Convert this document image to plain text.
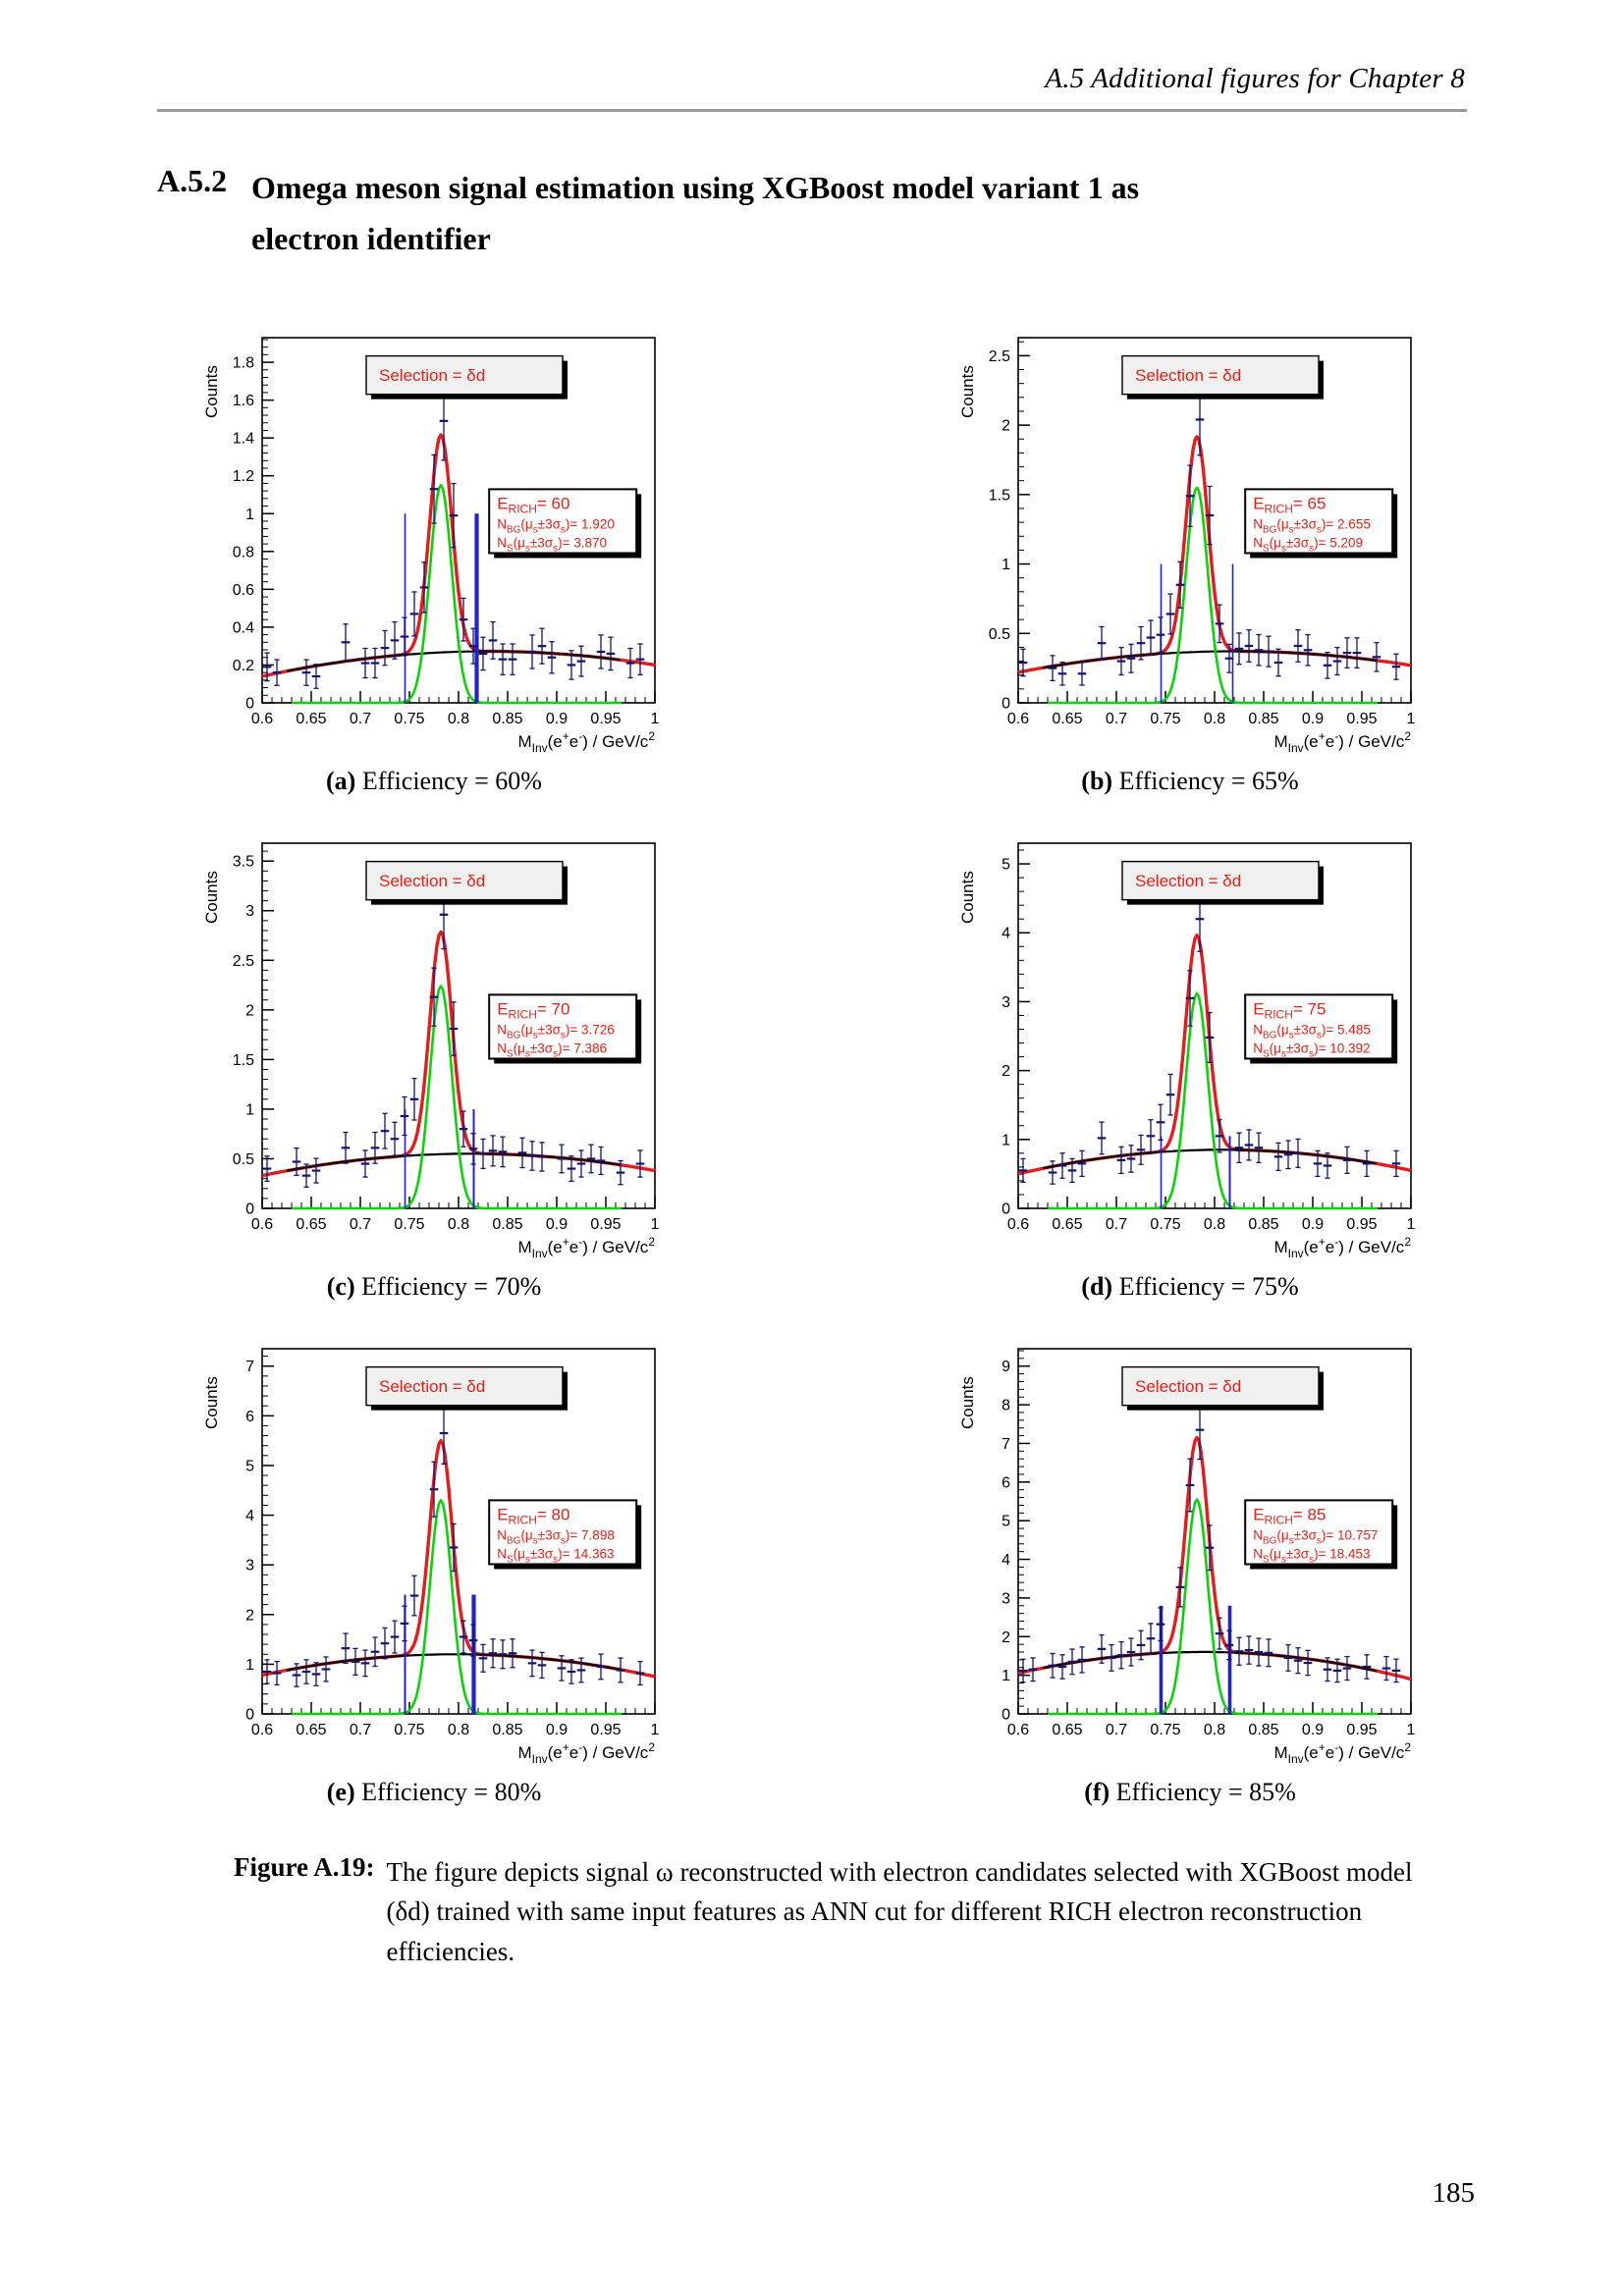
A.5 Additional figures for Chapter 8
A.5.2 Omega meson signal estimation using XGBoost model variant 1 as
electron identifier
0.6 0.65 0.7 0.75 0.8 0.85 0.9 0.95 1
$M_{Inv}(e^+e^-) / GeV/c^2$
0
0.2
0.4
0.6
0.8
1
1.2
1.4
1.6
1.8
Counts	Selection = δd
$E_{RICH}= 60$
$N_{BG}(\mu_s\pm 3\sigma_s)= 1.920$
$N_S(\mu_s\pm 3\sigma_s)= 3.870$
(a) Efficiency = 60%
0.6 0.65 0.7 0.75 0.8 0.85 0.9 0.95 1
$M_{Inv}(e^+e^-) / GeV/c^2$
0
0.5
1
1.5
2
2.5
Counts	Selection = δd
$E_{RICH}= 65$
$N_{BG}(\mu_s\pm 3\sigma_s)= 2.655$
$N_S(\mu_s\pm 3\sigma_s)= 5.209$
(b) Efficiency = 65%
0.6 0.65 0.7 0.75 0.8 0.85 0.9 0.95 1
$M_{Inv}(e^+e^-) / GeV/c^2$
0
0.5
1
1.5
2
2.5
3
3.5
Counts	Selection = δd
$E_{RICH}= 70$
$N_{BG}(\mu_s\pm 3\sigma_s)= 3.726$
$N_S(\mu_s\pm 3\sigma_s)= 7.386$
(c) Efficiency = 70%
0.6 0.65 0.7 0.75 0.8 0.85 0.9 0.95 1
$M_{Inv}(e^+e^-) / GeV/c^2$
0
1
2
3
4
5
Counts	Selection = δd
$E_{RICH}= 75$
$N_{BG}(\mu_s\pm 3\sigma_s)= 5.485$
$N_S(\mu_s\pm 3\sigma_s)= 10.392$
(d) Efficiency = 75%
0.6 0.65 0.7 0.75 0.8 0.85 0.9 0.95 1
$M_{Inv}(e^+e^-) / GeV/c^2$
0
1
2
3
4
5
6
7
Counts	Selection = δd
$E_{RICH}= 80$
$N_{BG}(\mu_s\pm 3\sigma_s)= 7.898$
$N_S(\mu_s\pm 3\sigma_s)= 14.363$
(e) Efficiency = 80%
0.6 0.65 0.7 0.75 0.8 0.85 0.9 0.95 1
$M_{Inv}(e^+e^-) / GeV/c^2$
0
1
2
3
4
5
6
7
8
9
Counts	Selection = δd
$E_{RICH}= 85$
$N_{BG}(\mu_s\pm 3\sigma_s)= 10.757$
$N_S(\mu_s\pm 3\sigma_s)= 18.453$
(f) Efficiency = 85%
Figure A.19: The figure depicts signal ω reconstructed with electron candidates selected with XGBoost model (δd) trained with same input features as ANN cut for different RICH electron reconstruction efficiencies.
185
